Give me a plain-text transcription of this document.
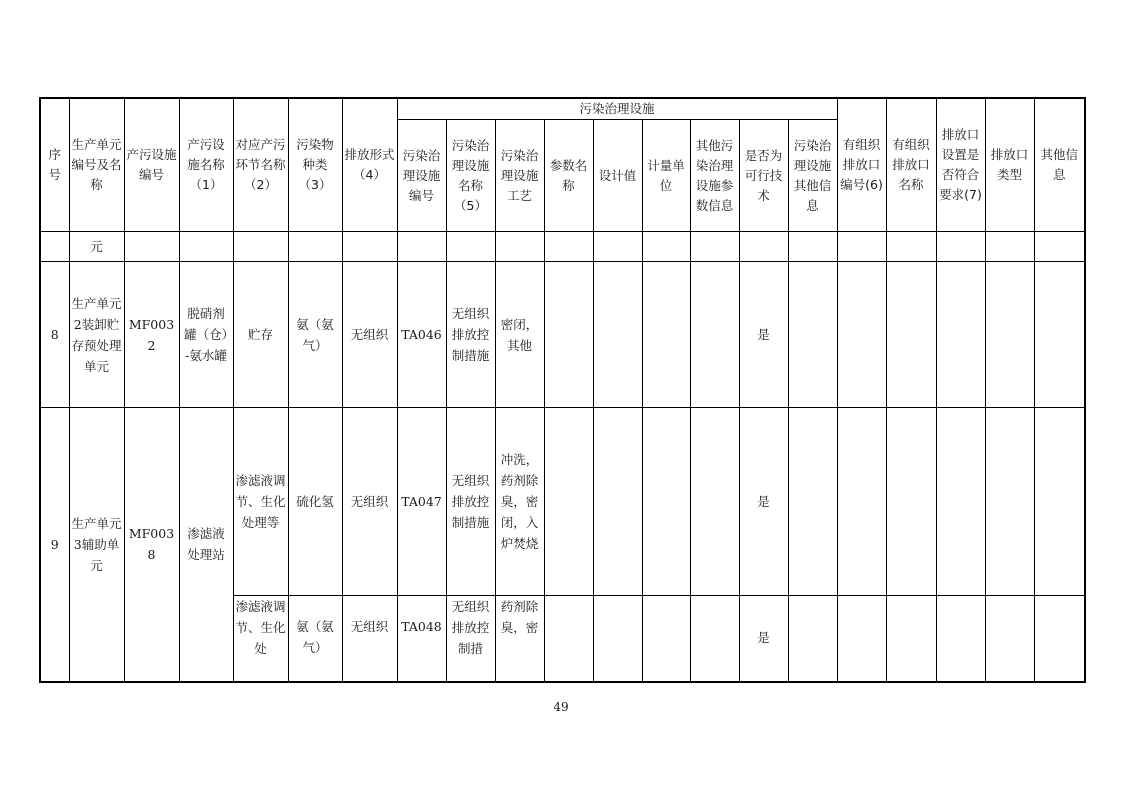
序号	生产单元编号及名称	产污设施编号	产污设施名称（1）	对应产污环节名称（2）	污染物种类（3）	排放形式（4）	污染治理设施									有组织排放口编号(6)	有组织排放口名称	排放口设置是否符合要求(7)	排放口类型	其他信息
							污染治理设施编号	污染治理设施名称（5）	污染治理设施工艺	参数名称	设计值	计量单位	其他污染治理设施参数信息	是否为可行技术	污染治理设施其他信息					
	元																			
8	生产单元2装卸贮存预处理单元	MF0032	脱硝剂罐（仓）-氨水罐	贮存	氨（氨气）	无组织	TA046	无组织排放控制措施	密闭，其他					是						
9	生产单元3辅助单元	MF0038	渗滤液处理站	渗滤液调节、生化处理等	硫化氢	无组织	TA047	无组织排放控制措施	冲洗，药剂除臭，密闭，入炉焚烧					是						
				渗滤液调节、生化处	氨（氨气）	无组织	TA048	无组织排放控制措	药剂除臭，密					是						
49
